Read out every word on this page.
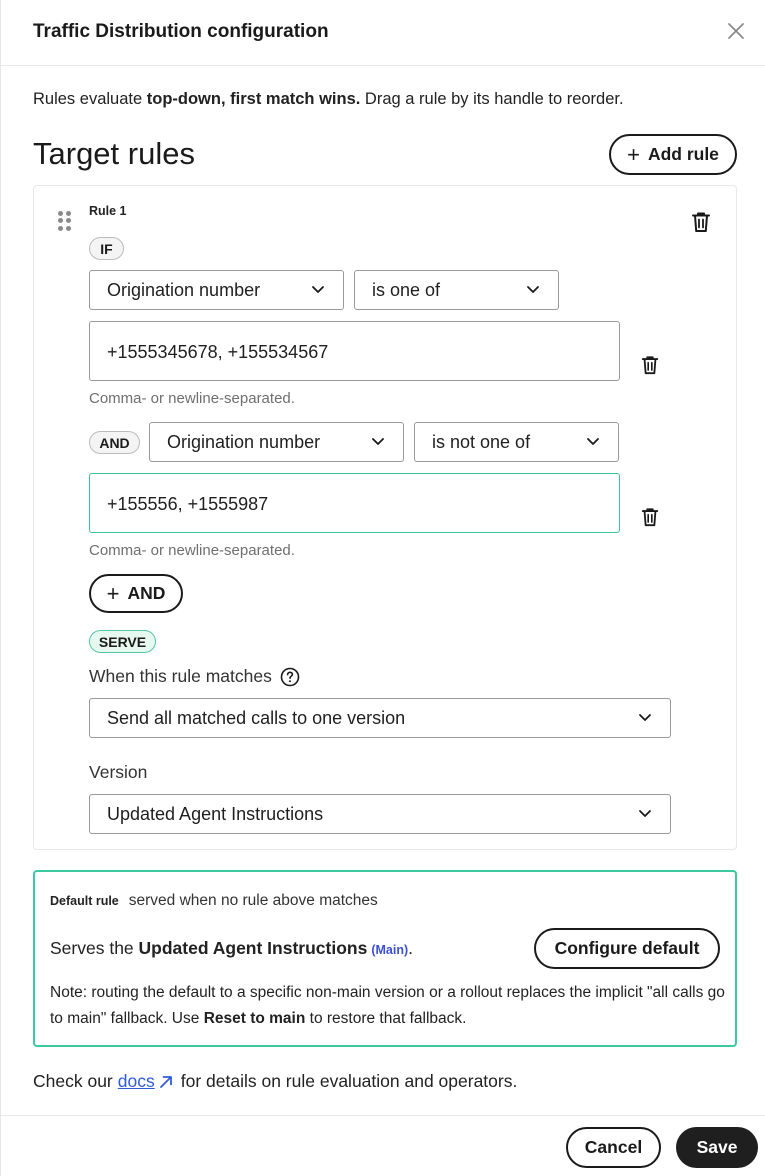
Traffic Distribution configuration
Rules evaluate top-down, first match wins. Drag a rule by its handle to reorder.
Target rules	+ Add rule
Rule 1
IF
Origination number	is one of
+1555345678, +155534567
Comma- or newline-separated.
AND	Origination number	is not one of
+155556, +1555987
Comma- or newline-separated.
+ AND
SERVE
When this rule matches
Send all matched calls to one version
Version
Updated Agent Instructions
Default rule served when no rule above matches
Serves the Updated Agent Instructions (Main).	Configure default
Note: routing the default to a specific non-main version or a rollout replaces the implicit "all calls go to main" fallback. Use Reset to main to restore that fallback.
Check our docs for details on rule evaluation and operators.
Cancel	Save
